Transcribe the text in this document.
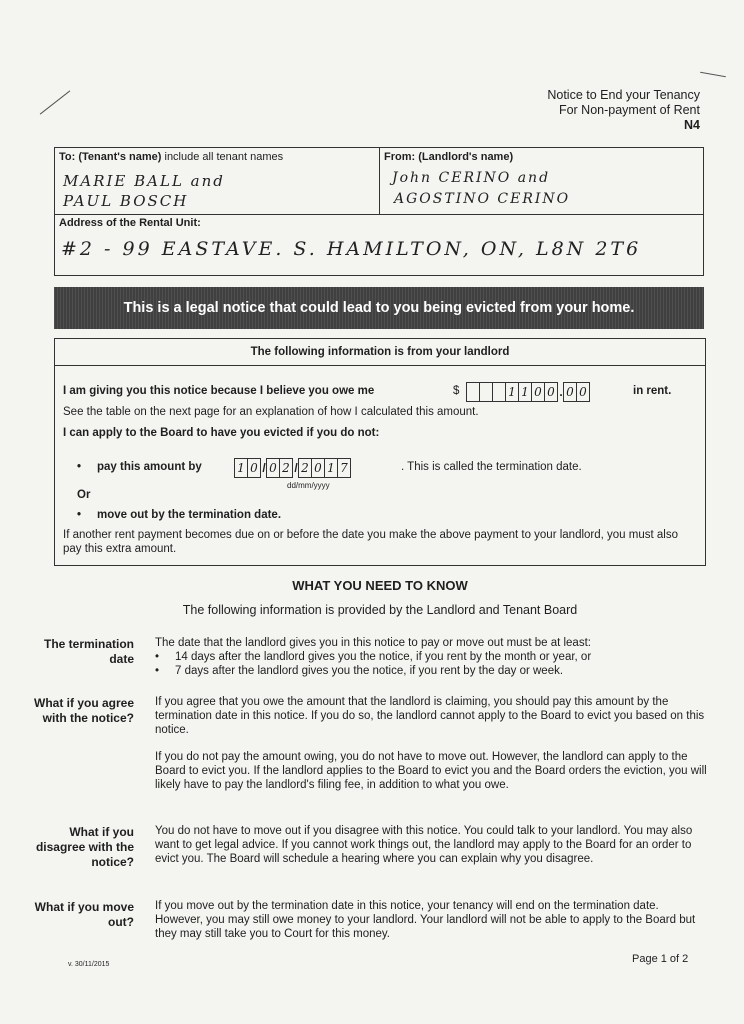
Notice to End your Tenancy
For Non-payment of Rent
N4
To: (Tenant's name) include all tenant names
MARIE BALL and
PAUL BOSCH
From: (Landlord's name)
John CERINO and
AGOSTINO CERINO
Address of the Rental Unit:
#2 - 99 EASTAVE. S. HAMILTON, ON, L8N 2T6
This is a legal notice that could lead to you being evicted from your home.
The following information is from your landlord
I am giving you this notice because I believe you owe me	$	1 1 0 0 . 0 0	in rent.
See the table on the next page for an explanation of how I calculated this amount.
I can apply to the Board to have you evicted if you do not:
• pay this amount by	1 0 / 0 2 / 2 0 1 7	. This is called the termination date.
dd/mm/yyyy
Or
• move out by the termination date.
If another rent payment becomes due on or before the date you make the above payment to your landlord, you must also pay this extra amount.
WHAT YOU NEED TO KNOW
The following information is provided by the Landlord and Tenant Board
The termination date
The date that the landlord gives you in this notice to pay or move out must be at least:
• 14 days after the landlord gives you the notice, if you rent by the month or year, or
• 7 days after the landlord gives you the notice, if you rent by the day or week.
What if you agree with the notice?
If you agree that you owe the amount that the landlord is claiming, you should pay this amount by the termination date in this notice. If you do so, the landlord cannot apply to the Board to evict you based on this notice.
If you do not pay the amount owing, you do not have to move out. However, the landlord can apply to the Board to evict you. If the landlord applies to the Board to evict you and the Board orders the eviction, you will likely have to pay the landlord's filing fee, in addition to what you owe.
What if you disagree with the notice?
You do not have to move out if you disagree with this notice. You could talk to your landlord. You may also want to get legal advice. If you cannot work things out, the landlord may apply to the Board for an order to evict you. The Board will schedule a hearing where you can explain why you disagree.
What if you move out?
If you move out by the termination date in this notice, your tenancy will end on the termination date. However, you may still owe money to your landlord. Your landlord will not be able to apply to the Board but they may still take you to Court for this money.
v. 30/11/2015	Page 1 of 2
